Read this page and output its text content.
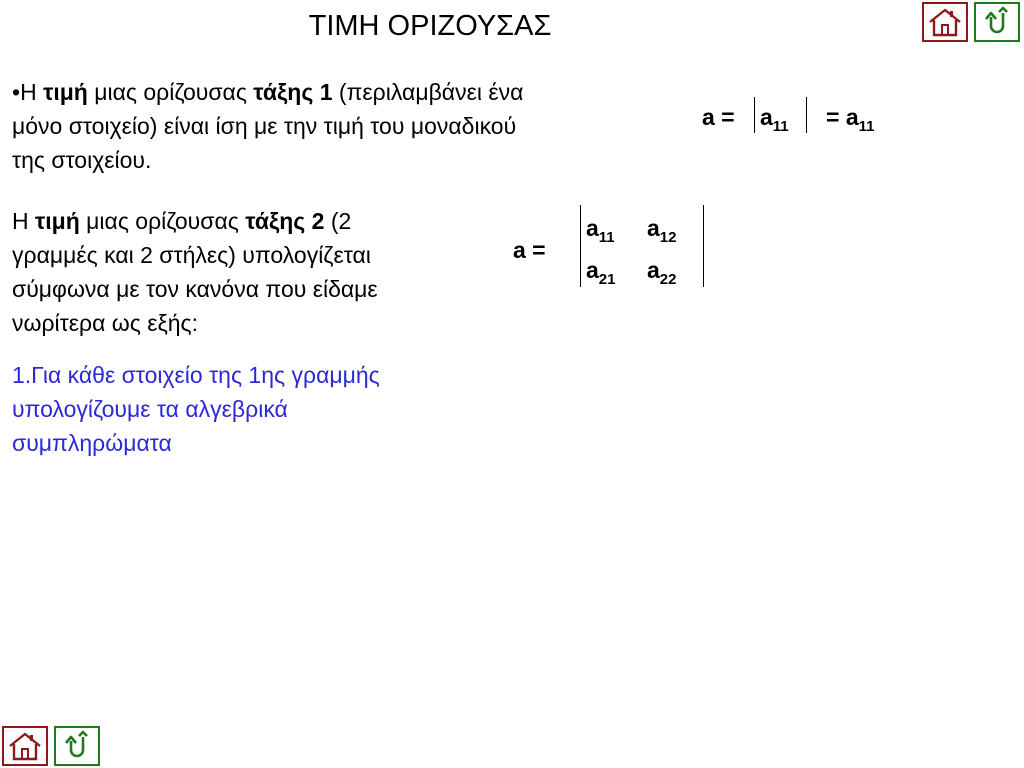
ΤΙΜΗ ΟΡΙΖΟΥΣΑΣ
•Η τιμή μιας ορίζουσας τάξης 1 (περιλαμβάνει ένα
μόνο στοιχείο) είναι ίση με την τιμή του μοναδικού
της στοιχείου.
$a = a_{11} = a_{11}$
Η τιμή μιας ορίζουσας τάξης 2 (2
γραμμές και 2 στήλες) υπολογίζεται
σύμφωνα με τον κανόνα που είδαμε
νωρίτερα ως εξής:
a =
$a_{11}$ $a_{12}$
$a_{21}$ $a_{22}$
1.Για κάθε στοιχείο της 1ης γραμμής
υπολογίζουμε τα αλγεβρικά
συμπληρώματα
